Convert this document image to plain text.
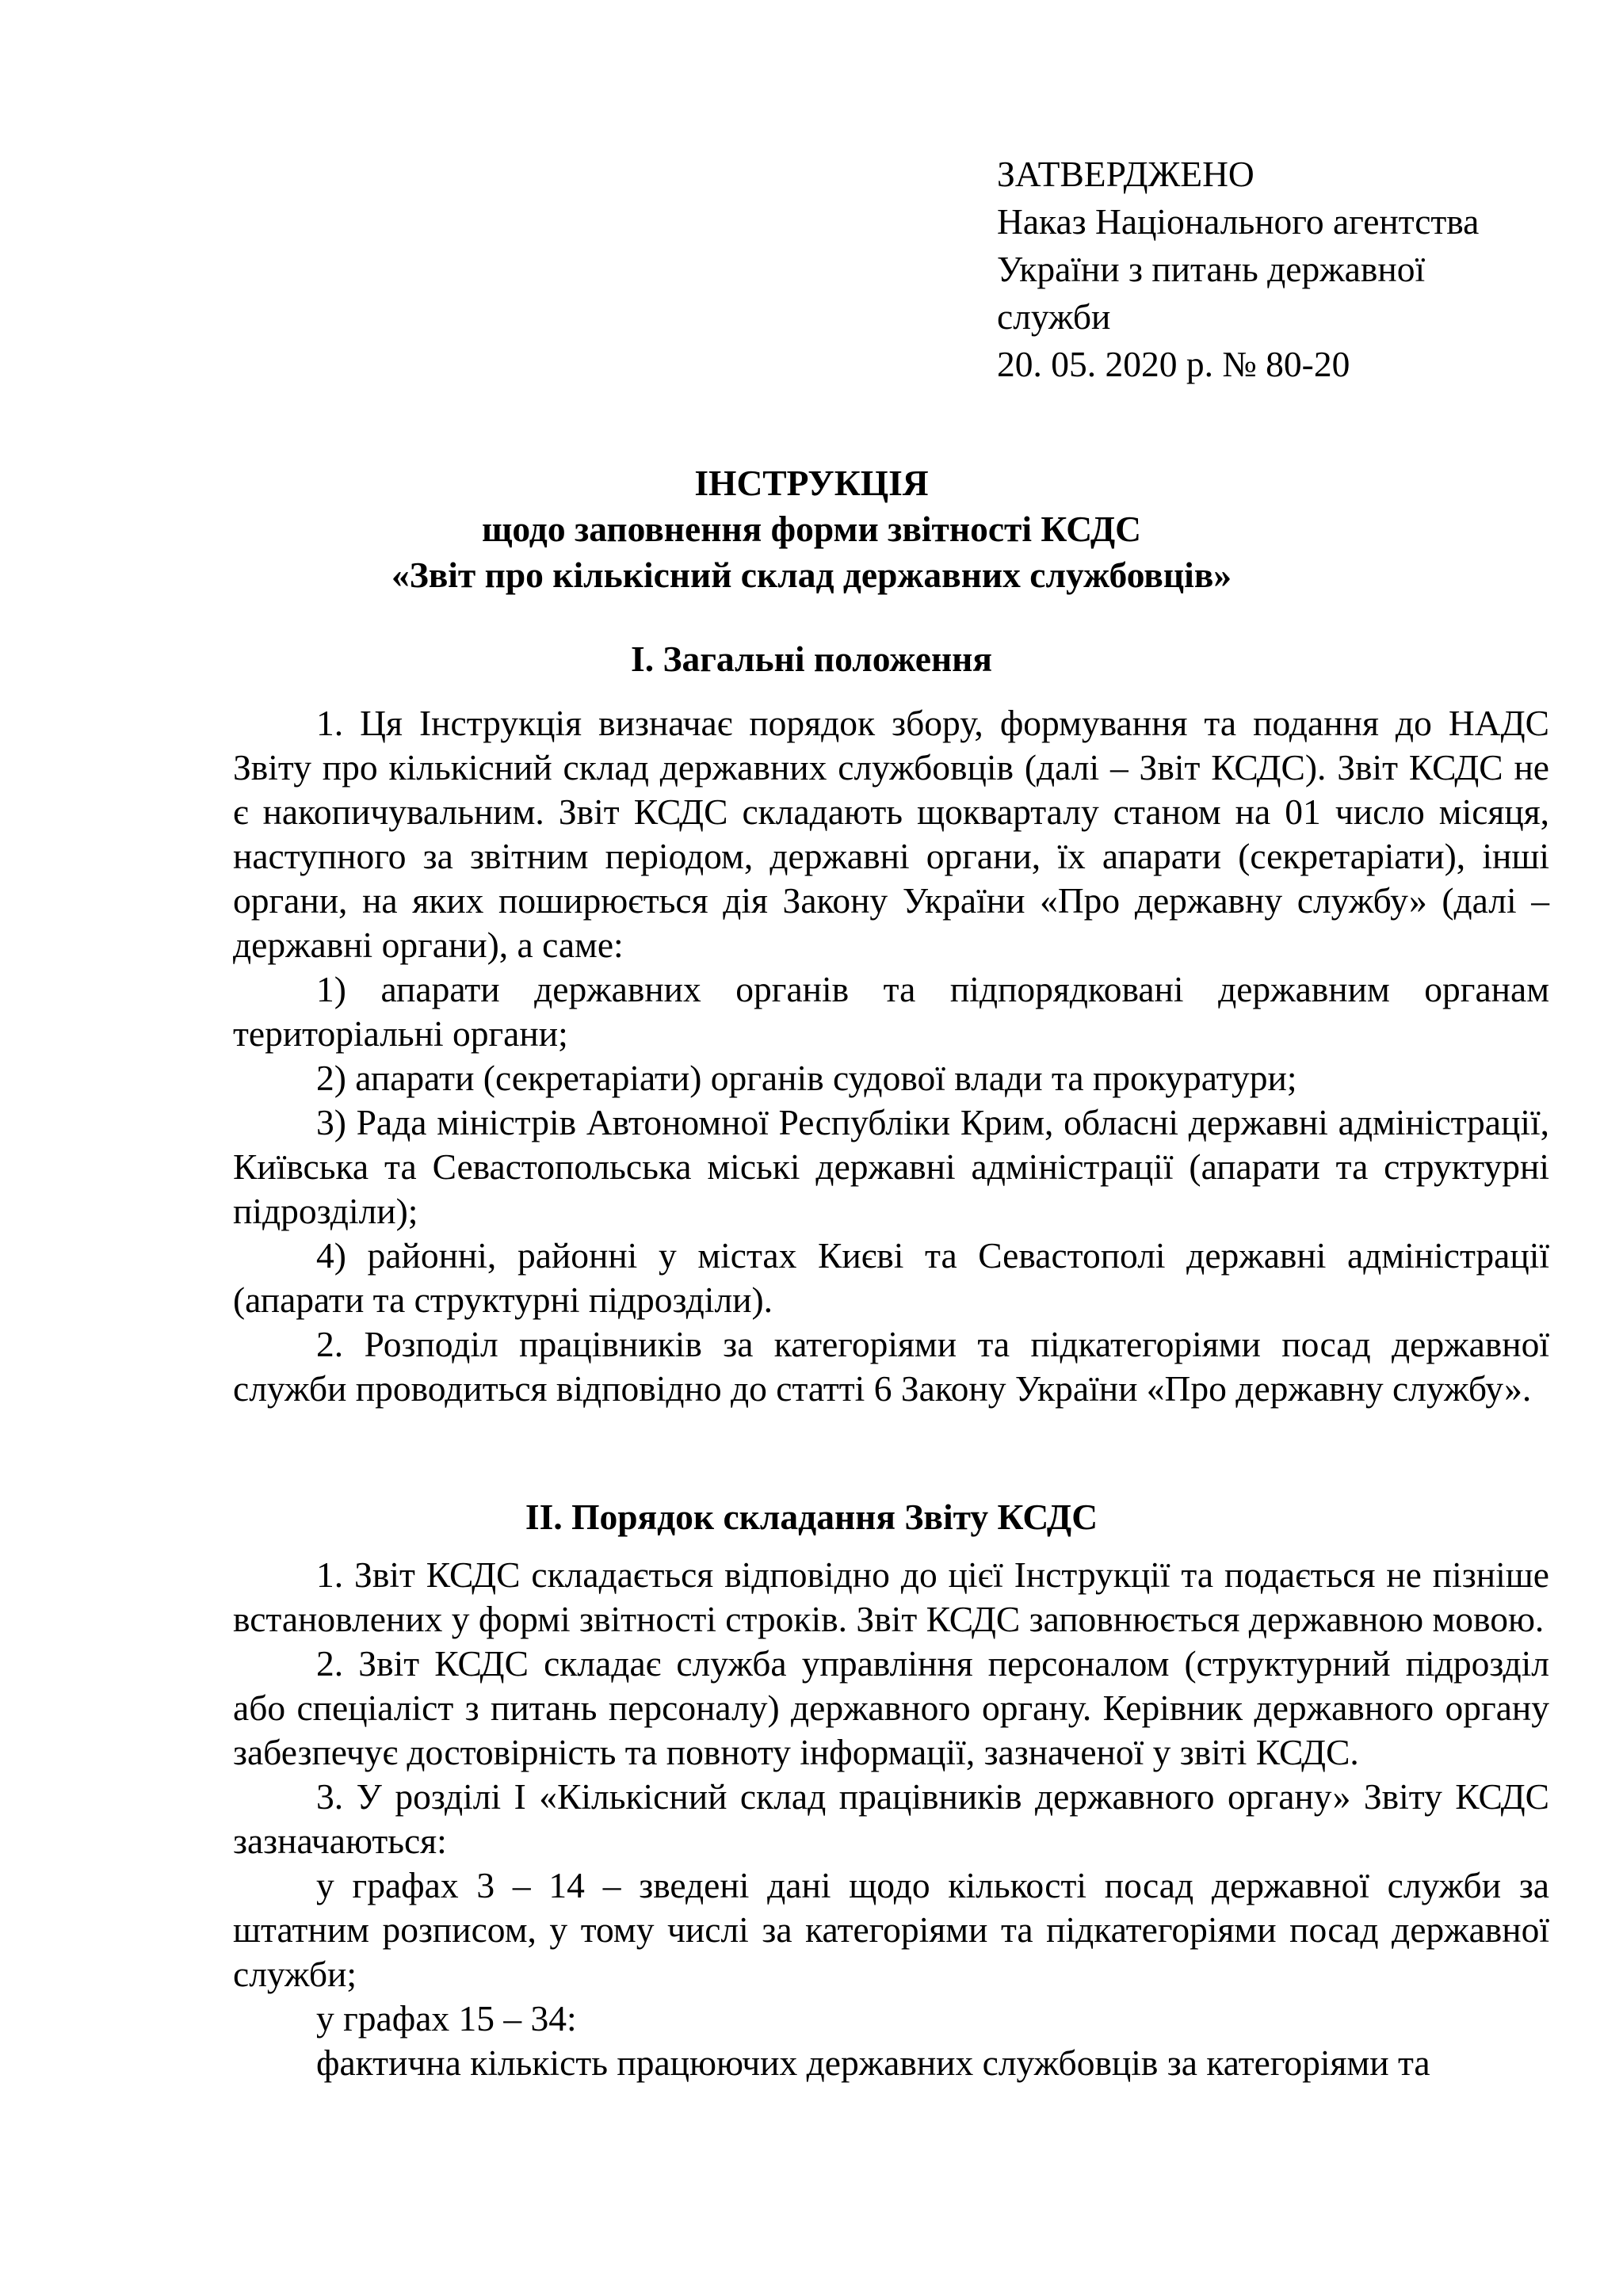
ЗАТВЕРДЖЕНО
Наказ Національного агентства
України з питань державної
служби
20. 05. 2020 р. № 80-20
ІНСТРУКЦІЯ
щодо заповнення форми звітності КСДС
«Звіт про кількісний склад державних службовців»
I. Загальні положення

1. Ця Інструкція визначає порядок збору, формування та подання до НАДС Звіту про кількісний склад державних службовців (далі – Звіт КСДС). Звіт КСДС не є накопичувальним. Звіт КСДС складають щокварталу станом на 01 число місяця, наступного за звітним періодом, державні органи, їх апарати (секретаріати), інші органи, на яких поширюється дія Закону України «Про державну службу» (далі – державні органи), а саме:

1) апарати державних органів та підпорядковані державним органам територіальні органи;

2) апарати (секретаріати) органів судової влади та прокуратури;

3) Рада міністрів Автономної Республіки Крим, обласні державні адміністрації, Київська та Севастопольська міські державні адміністрації (апарати та структурні підрозділи);

4) районні, районні у містах Києві та Севастополі державні адміністрації (апарати та структурні підрозділи).

2. Розподіл працівників за категоріями та підкатегоріями посад державної служби проводиться відповідно до статті 6 Закону України «Про державну службу».

II. Порядок складання Звіту КСДС

1. Звіт КСДС складається відповідно до цієї Інструкції та подається не пізніше встановлених у формі звітності строків. Звіт КСДС заповнюється державною мовою.

2. Звіт КСДС складає служба управління персоналом (структурний підрозділ або спеціаліст з питань персоналу) державного органу. Керівник державного органу забезпечує достовірність та повноту інформації, зазначеної у звіті КСДС.

3. У розділі I «Кількісний склад працівників державного органу» Звіту КСДС зазначаються:

у графах 3 – 14 – зведені дані щодо кількості посад державної служби за штатним розписом, у тому числі за категоріями та підкатегоріями посад державної служби;

у графах 15 – 34:

фактична кількість працюючих державних службовців за категоріями та
